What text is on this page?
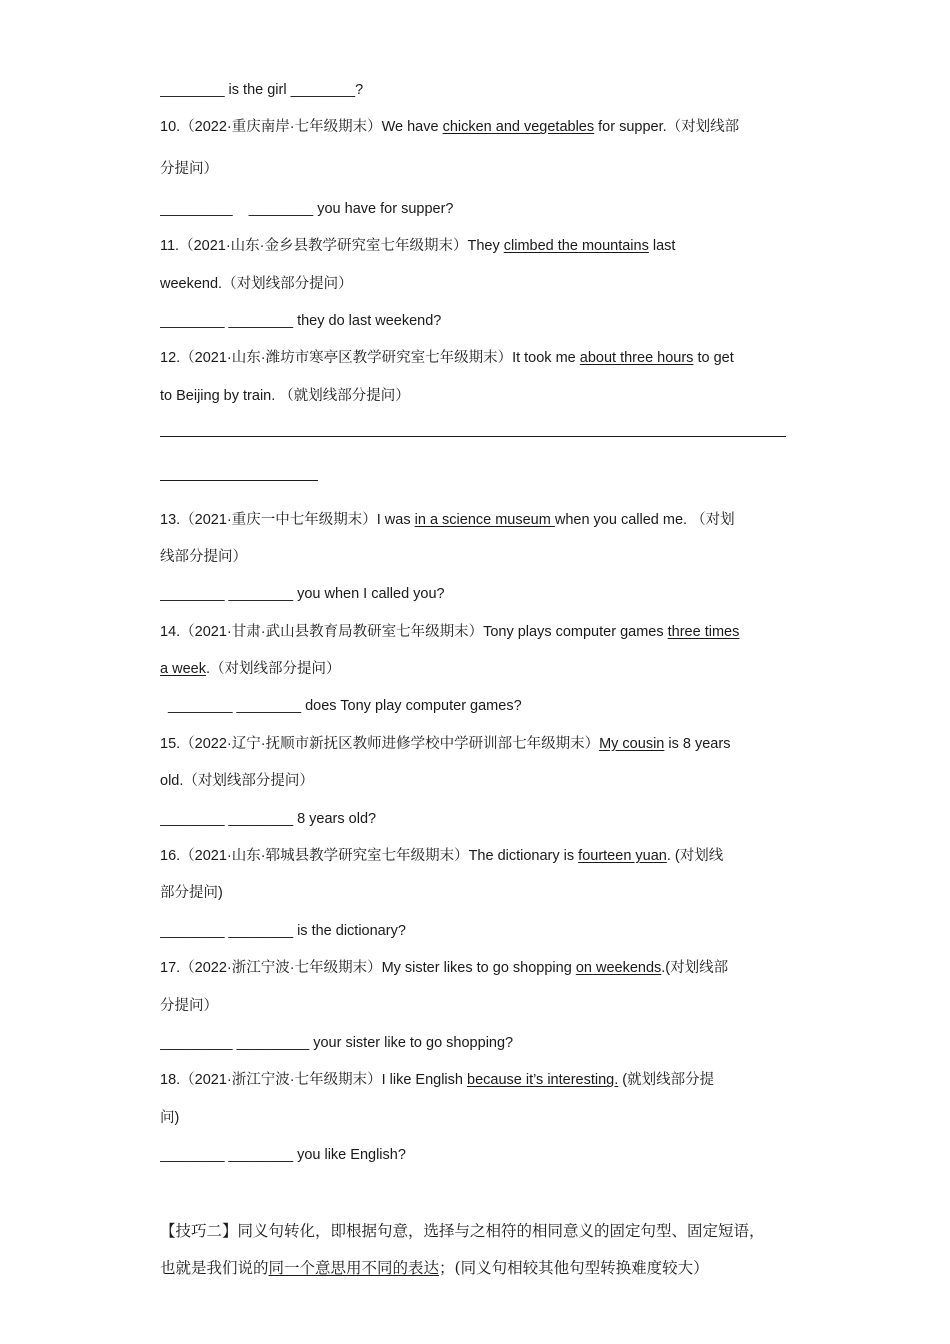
________ is the girl ________?
10.（2022·重庆南岸·七年级期末）We have chicken and vegetables for supper.（对划线部
分提问）
_________    ________ you have for supper?
11.（2021·山东·金乡县教学研究室七年级期末）They climbed the mountains last
weekend.（对划线部分提问）
________ ________ they do last weekend?
12.（2021·山东·潍坊市寒亭区教学研究室七年级期末）It took me about three hours to get
to Beijing by train. （就划线部分提问）
13.（2021·重庆一中七年级期末）I was in a science museum when you called me. （对划
线部分提问）
________ ________ you when I called you?
14.（2021·甘肃·武山县教育局教研室七年级期末）Tony plays computer games three times
a week.（对划线部分提问）
________ ________ does Tony play computer games?
15.（2022·辽宁·抚顺市新抚区教师进修学校中学研训部七年级期末）My cousin is 8 years
old.（对划线部分提问）
________ ________ 8 years old?
16.（2021·山东·郓城县教学研究室七年级期末）The dictionary is fourteen yuan. (对划线
部分提问)
________ ________ is the dictionary?
17.（2022·浙江宁波·七年级期末）My sister likes to go shopping on weekends.(对划线部
分提问）
_________ _________ your sister like to go shopping?
18.（2021·浙江宁波·七年级期末）I like English because it’s interesting. (就划线部分提
问)
________ ________ you like English?
【技巧二】同义句转化，即根据句意，选择与之相符的相同意义的固定句型、固定短语，
也就是我们说的同一个意思用不同的表达；(同义句相较其他句型转换难度较大）
